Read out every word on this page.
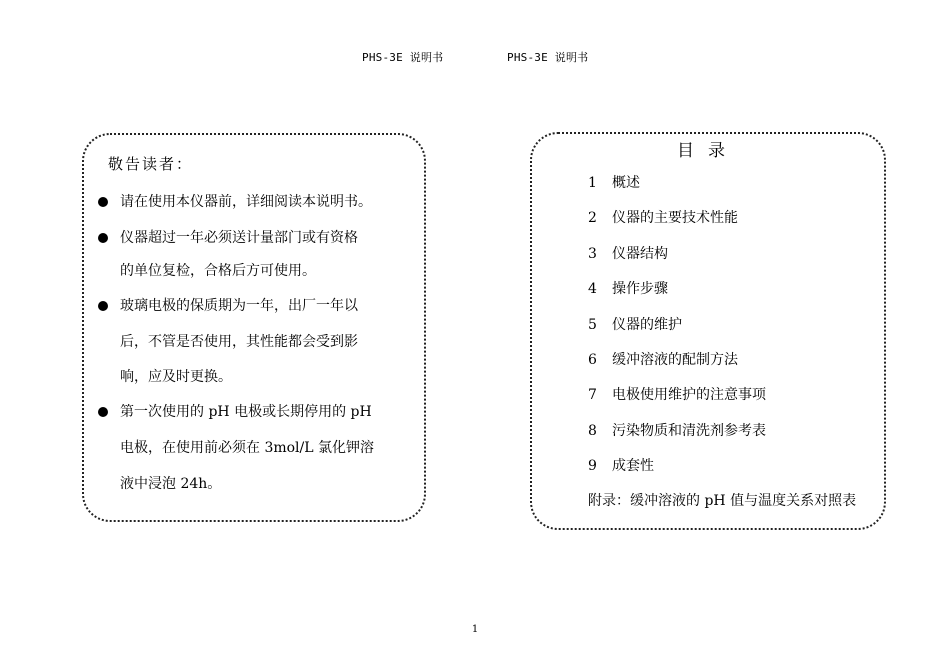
PHS-3E 说明书	PHS-3E 说明书
敬告读者：
请在使用本仪器前，详细阅读本说明书。
仪器超过一年必须送计量部门或有资格
的单位复检，合格后方可使用。
玻璃电极的保质期为一年，出厂一年以
后，不管是否使用，其性能都会受到影
响，应及时更换。
第一次使用的 pH 电极或长期停用的 pH
电极，在使用前必须在 3mol/L 氯化钾溶
液中浸泡 24h。
目录
1 概述
2 仪器的主要技术性能
3 仪器结构
4 操作步骤
5 仪器的维护
6 缓冲溶液的配制方法
7 电极使用维护的注意事项
8 污染物质和清洗剂参考表
9 成套性
附录：缓冲溶液的 pH 值与温度关系对照表
1
